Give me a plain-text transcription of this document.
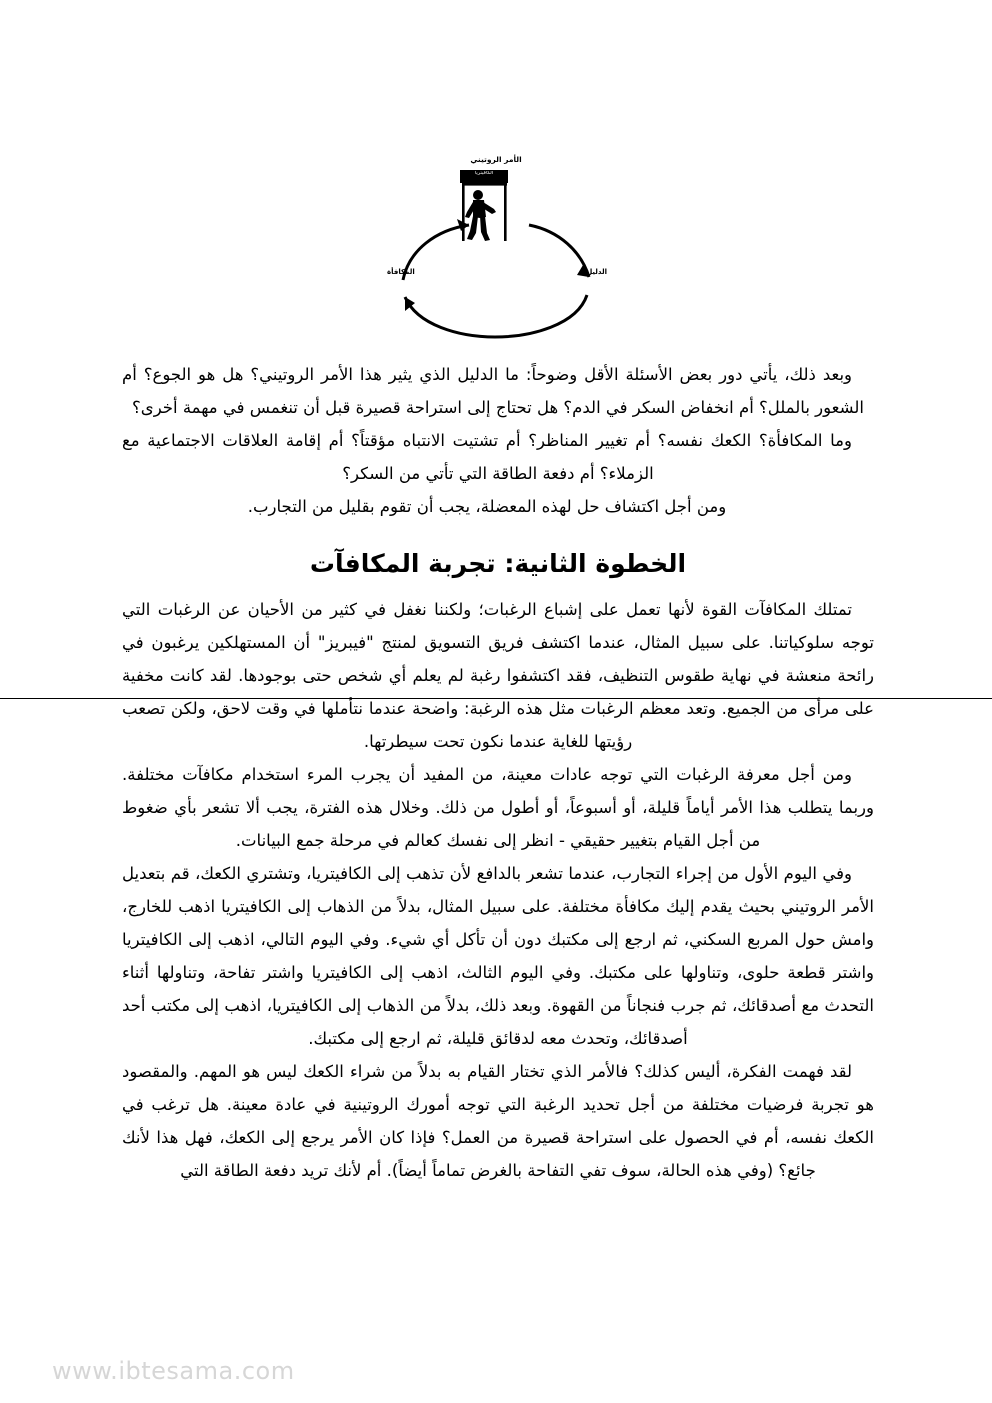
الكافيتريا
الأمر الروتيني
المكافأة	الدليل

وبعد ذلك، يأتي دور بعض الأسئلة الأقل وضوحاً: ما الدليل الذي يثير هذا الأمر الروتيني؟ هل هو الجوع؟ أم الشعور بالملل؟ أم انخفاض السكر في الدم؟ هل تحتاج إلى استراحة قصيرة قبل أن تنغمس في مهمة أخرى؟

وما المكافأة؟ الكعك نفسه؟ أم تغيير المناظر؟ أم تشتيت الانتباه مؤقتاً؟ أم إقامة العلاقات الاجتماعية مع الزملاء؟ أم دفعة الطاقة التي تأتي من السكر؟

ومن أجل اكتشاف حل لهذه المعضلة، يجب أن تقوم بقليل من التجارب.

الخطوة الثانية: تجربة المكافآت

تمتلك المكافآت القوة لأنها تعمل على إشباع الرغبات؛ ولكننا نغفل في كثير من الأحيان عن الرغبات التي توجه سلوكياتنا. على سبيل المثال، عندما اكتشف فريق التسويق لمنتج "فيبريز" أن المستهلكين يرغبون في رائحة منعشة في نهاية طقوس التنظيف، فقد اكتشفوا رغبة لم يعلم أي شخص حتى بوجودها. لقد كانت مخفية على مرأى من الجميع. وتعد معظم الرغبات مثل هذه الرغبة: واضحة عندما نتأملها في وقت لاحق، ولكن تصعب رؤيتها للغاية عندما نكون تحت سيطرتها.

ومن أجل معرفة الرغبات التي توجه عادات معينة، من المفيد أن يجرب المرء استخدام مكافآت مختلفة. وربما يتطلب هذا الأمر أياماً قليلة، أو أسبوعاً، أو أطول من ذلك. وخلال هذه الفترة، يجب ألا تشعر بأي ضغوط من أجل القيام بتغيير حقيقي - انظر إلى نفسك كعالم في مرحلة جمع البيانات.

وفي اليوم الأول من إجراء التجارب، عندما تشعر بالدافع لأن تذهب إلى الكافيتريا، وتشتري الكعك، قم بتعديل الأمر الروتيني بحيث يقدم إليك مكافأة مختلفة. على سبيل المثال، بدلاً من الذهاب إلى الكافيتريا اذهب للخارج، وامش حول المربع السكني، ثم ارجع إلى مكتبك دون أن تأكل أي شيء. وفي اليوم التالي، اذهب إلى الكافيتريا واشتر قطعة حلوى، وتناولها على مكتبك. وفي اليوم الثالث، اذهب إلى الكافيتريا واشتر تفاحة، وتناولها أثناء التحدث مع أصدقائك، ثم جرب فنجاناً من القهوة. وبعد ذلك، بدلاً من الذهاب إلى الكافيتريا، اذهب إلى مكتب أحد أصدقائك، وتحدث معه لدقائق قليلة، ثم ارجع إلى مكتبك.

لقد فهمت الفكرة، أليس كذلك؟ فالأمر الذي تختار القيام به بدلاً من شراء الكعك ليس هو المهم. والمقصود هو تجربة فرضيات مختلفة من أجل تحديد الرغبة التي توجه أمورك الروتينية في عادة معينة. هل ترغب في الكعك نفسه، أم في الحصول على استراحة قصيرة من العمل؟ فإذا كان الأمر يرجع إلى الكعك، فهل هذا لأنك جائع؟ (وفي هذه الحالة، سوف تفي التفاحة بالغرض تماماً أيضاً). أم لأنك تريد دفعة الطاقة التي

www.ibtesama.com
